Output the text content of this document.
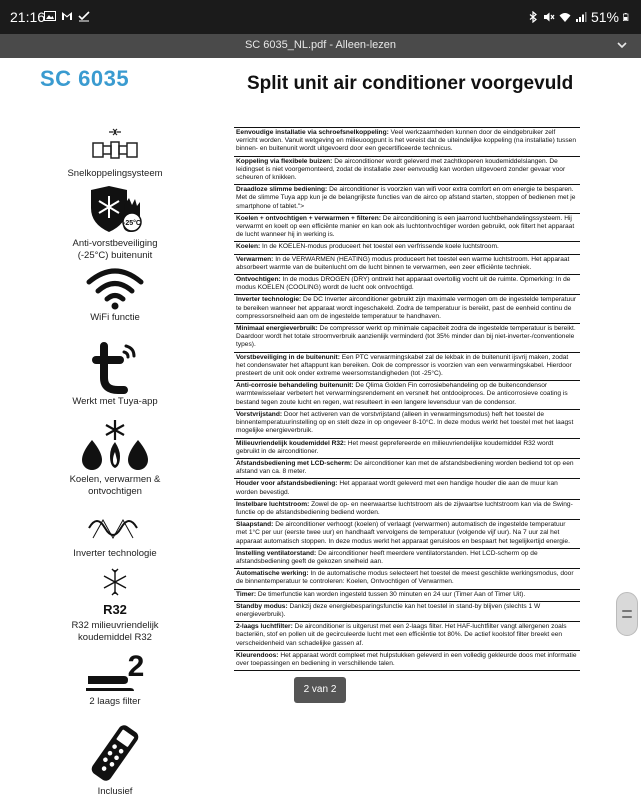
21:16	51%
SC 6035_NL.pdf - Alleen-lezen
SC 6035	Split unit air conditioner voorgevuld
Snelkoppelingsysteem
-25°C
Anti-vorstbeveiliging (-25°C) buitenunit
WiFi functie
Werkt met Tuya-app
Koelen, verwarmen & ontvochtigen
Inverter technologie
R32
R32 milieuvriendelijk koudemiddel R32
2
2 laags filter
Inclusief
Eenvoudige installatie via schroefsnelkoppeling: Veel werkzaamheden kunnen door de eindgebruiker zelf verricht worden. Vanuit wetgeving en milieuoogpunt is het vereist dat de uiteindelijke koppeling (na installatie) tussen binnen- en buitenunit wordt uitgevoerd door een gecertificeerde technicus.
Koppeling via flexibele buizen: De airconditioner wordt geleverd met zachtkoperen koudemiddelslangen. De leidingset is niet voorgemonteerd, zodat de installatie zeer eenvoudig kan worden uitgevoerd zonder gevaar voor scheuren of knikken.
Draadloze slimme bediening: De airconditioner is voorzien van wifi voor extra comfort en om energie te besparen. Met de slimme Tuya app kun je de belangrijkste functies van de airco op afstand starten, stoppen of bedienen met je smartphone of tablet.">
Koelen + ontvochtigen + verwarmen + filteren: De airconditioning is een jaarrond luchtbehandelingssysteem. Hij verwarmt en koelt op een efficiënte manier en kan ook als luchtontvochtiger worden gebruikt, ook filtert het apparaat de lucht wanneer hij in werking is.
Koelen: In de KOELEN-modus produceert het toestel een verfrissende koele luchtstroom.
Verwarmen: In de VERWARMEN (HEATING) modus produceert het toestel een warme luchtstroom. Het apparaat absorbeert warmte van de buitenlucht om de lucht binnen te verwarmen, een zeer efficiënte techniek.
Ontvochtigen: In de modus DROGEN (DRY) onttrekt het apparaat overtollig vocht uit de ruimte. Opmerking: In de modus KOELEN (COOLING) wordt de lucht ook ontvochtigd.
Inverter technologie: De DC Inverter airconditioner gebruikt zijn maximale vermogen om de ingestelde temperatuur te bereiken wanneer het apparaat wordt ingeschakeld. Zodra de temperatuur is bereikt, past de eenheid continu de compressorsnelheid aan om de ingestelde temperatuur te handhaven.
Minimaal energieverbruik: De compressor werkt op minimale capaciteit zodra de ingestelde temperatuur is bereikt. Daardoor wordt het totale stroomverbruik aanzienlijk verminderd (tot 35% minder dan bij niet-inverter-/conventionele types).
Vorstbeveiliging in de buitenunit: Een PTC verwarmingskabel zal de lekbak in de buitenunit ijsvrij maken, zodat het condenswater het aftappunt kan bereiken. Ook de compressor is voorzien van een verwarmingskabel. Hierdoor presteert de unit ook onder extreme weersomstandigheden (tot -25°C).
Anti-corrosie behandeling buitenunit: De Qlima Golden Fin corrosiebehandeling op de buitencondensor warmtewisselaar verbetert het verwarmingsrendement en versnelt het ontdooiproces. De anticorrosieve coating is bestand tegen zoute lucht en regen, wat resulteert in een langere levensduur van de condensor.
Vorstvrijstand: Door het activeren van de vorstvrijstand (alleen in verwarmingsmodus) heft het toestel de binnentemperatuurinstelling op en stelt deze in op ongeveer 8-10°C. In deze modus werkt het toestel met het laagst mogelijke energieverbruik.
Milieuvriendelijk koudemiddel R32: Het meest geprefereerde en milieuvriendelijke koudemiddel R32 wordt gebruikt in de airconditioner.
Afstandsbediening met LCD-scherm: De airconditioner kan met de afstandsbediening worden bediend tot op een afstand van ca. 8 meter.
Houder voor afstandsbediening: Het apparaat wordt geleverd met een handige houder die aan de muur kan worden bevestigd.
Instelbare luchtstroom: Zowel de op- en neerwaartse luchtstroom als de zijwaartse luchtstroom kan via de Swing-functie op de afstandsbediening bediend worden.
Slaapstand: De airconditioner verhoogt (koelen) of verlaagt (verwarmen) automatisch de ingestelde temperatuur met 1°C per uur (eerste twee uur) en handhaaft vervolgens de temperatuur (volgende vijf uur). Na 7 uur zal het apparaat automatisch stoppen. In deze modus werkt het apparaat geruisloos en bespaart het tegelijkertijd energie.
Instelling ventilatorstand: De airconditioner heeft meerdere ventilatorstanden. Het LCD-scherm op de afstandsbediening geeft de gekozen snelheid aan.
Automatische werking: In de automatische modus selecteert het toestel de meest geschikte werkingsmodus, door de binnentemperatuur te controleren: Koelen, Ontvochtigen of Verwarmen.
Timer: De timerfunctie kan worden ingesteld tussen 30 minuten en 24 uur (Timer Aan of Timer Uit).
Standby modus: Dankzij deze energiebesparingsfunctie kan het toestel in stand-by blijven (slechts 1 W energieverbruik).
2-laags luchtfilter: De airconditioner is uitgerust met een 2-laags filter. Het HAF-luchtfilter vangt allergenen zoals bacteriën, stof en pollen uit de gecirculeerde lucht met een efficiëntie tot 80%. De actief koolstof filter breekt een verscheidenheid van schadelijke gassen af.
Kleurendoos: Het apparaat wordt compleet met hulpstukken geleverd in een volledig gekleurde doos met informatie over toepassingen en bediening in verschillende talen.
2 van 2
